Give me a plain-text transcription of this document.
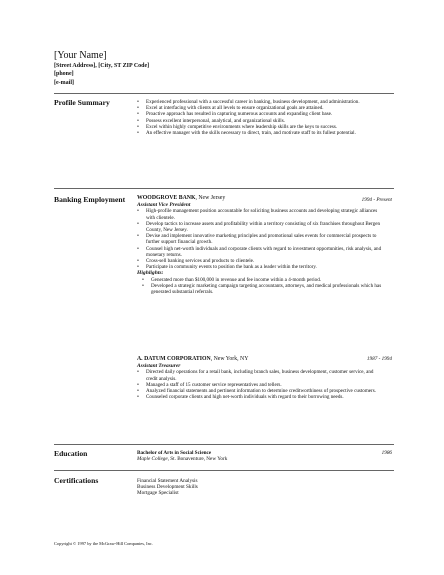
[Your Name]
[Street Address], [City, ST ZIP Code]
[phone]
[e-mail]
Profile Summary
•	Experienced professional with a successful career in banking, business development, and administration.
• Excel at interfacing with clients at all levels to ensure organizational goals are attained.
• Proactive approach has resulted in capturing numerous accounts and expanding client base.
• Possess excellent interpersonal, analytical, and organizational skills.
• Excel within highly competitive environments where leadership skills are the keys to success.
• An effective manager with the skills necessary to direct, train, and motivate staff to its fullest potential.
Banking Employment WOODGROVE BANK, New Jersey
Assistant Vice President
• High-profile management position accountable for soliciting business accounts and developing strategic alliances with clientele.
• Develop tactics to increase assets and profitability within a territory consisting of six franchises throughout Bergen County, New Jersey.
• Devise and implement innovative marketing principles and promotional sales events for commercial prospects to further support financial growth.
• Counsel high net-worth individuals and corporate clients with regard to investment opportunities, risk analysis, and monetary returns.
• Cross-sell banking services and products to clientele.
• Participate in community events to position the bank as a leader within the territory.
Highlights:
• Generated more than $100,000 in revenue and fee income within a 4-month period.
• Developed a strategic marketing campaign targeting accountants, attorneys, and medical professionals which has generated substantial referrals.
1994 - Present
A. DATUM CORPORATION, New York, NY
Assistant Treasurer
• Directed daily operations for a retail bank, including branch sales, business development, customer service, and credit analysis.
• Managed a staff of 15 customer service representatives and tellers.
• Analyzed financial statements and pertinent information to determine creditworthiness of prospective customers.
• Counseled corporate clients and high net-worth individuals with regard to their borrowing needs.
1987 - 1994
Education	Bachelor of Arts in Social Science
Maple College, St. Bonaventure, New York
1986
Certifications	Financial Statement Analysis
Business Development Skills
Mortgage Specialist
Copyright © 1997 by the McGraw-Hill Companies, Inc.
